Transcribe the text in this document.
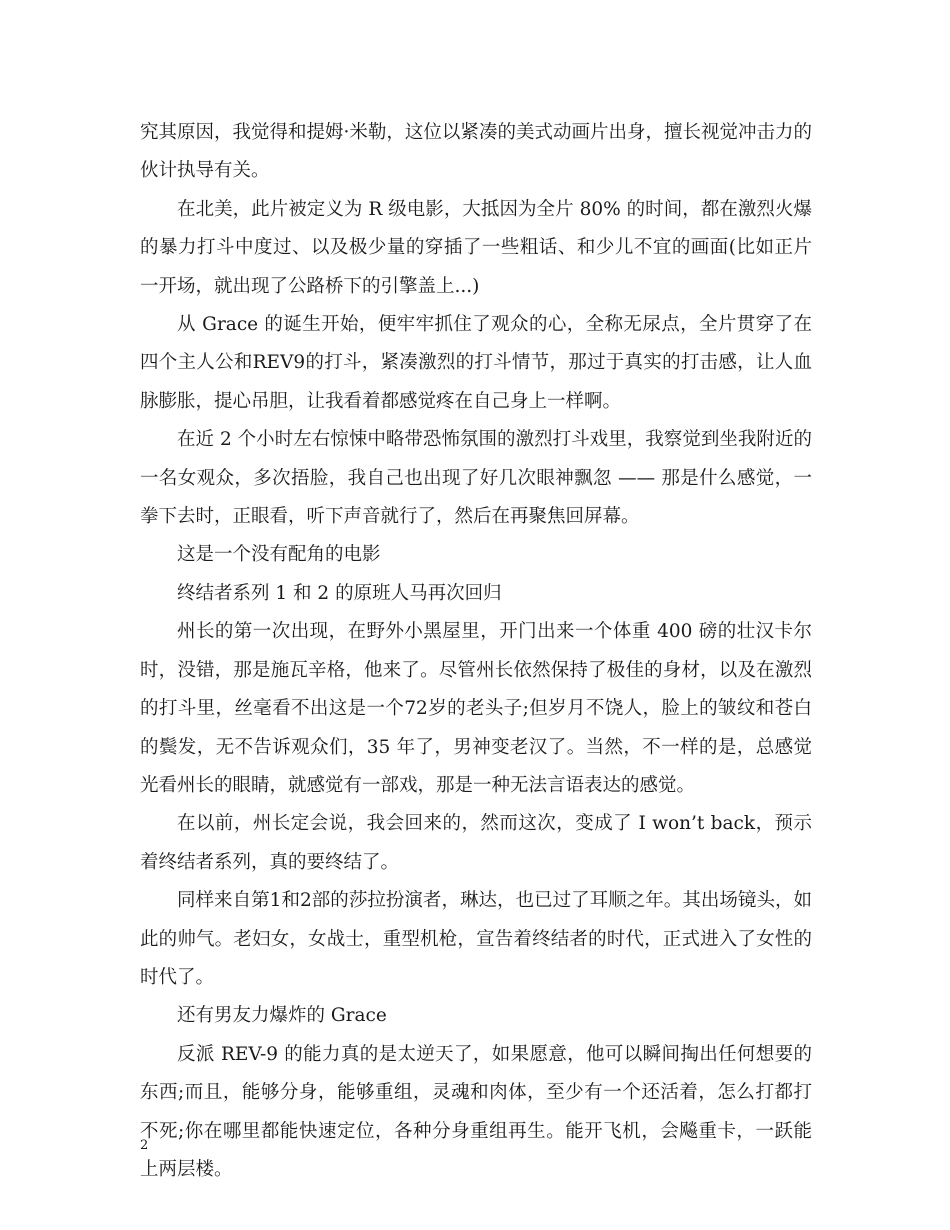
究其原因，我觉得和提姆·米勒，这位以紧凑的美式动画片出身，擅长视觉冲击力的伙计执导有关。

在北美，此片被定义为 R 级电影，大抵因为全片 80% 的时间，都在激烈火爆的暴力打斗中度过、以及极少量的穿插了一些粗话、和少儿不宜的画面(比如正片一开场，就出现了公路桥下的引擎盖上...)

从 Grace 的诞生开始，便牢牢抓住了观众的心，全称无尿点，全片贯穿了在四个主人公和REV9的打斗，紧凑激烈的打斗情节，那过于真实的打击感，让人血脉膨胀，提心吊胆，让我看着都感觉疼在自己身上一样啊。

在近 2 个小时左右惊悚中略带恐怖氛围的激烈打斗戏里，我察觉到坐我附近的一名女观众，多次捂脸，我自己也出现了好几次眼神飘忽 —— 那是什么感觉，一拳下去时，正眼看，听下声音就行了，然后在再聚焦回屏幕。

这是一个没有配角的电影

终结者系列 1 和 2 的原班人马再次回归

州长的第一次出现，在野外小黑屋里，开门出来一个体重 400 磅的壮汉卡尔时，没错，那是施瓦辛格，他来了。尽管州长依然保持了极佳的身材，以及在激烈的打斗里，丝毫看不出这是一个72岁的老头子;但岁月不饶人，脸上的皱纹和苍白的鬓发，无不告诉观众们，35 年了，男神变老汉了。当然，不一样的是，总感觉光看州长的眼睛，就感觉有一部戏，那是一种无法言语表达的感觉。

在以前，州长定会说，我会回来的，然而这次，变成了 I won’t back，预示着终结者系列，真的要终结了。

同样来自第1和2部的莎拉扮演者，琳达，也已过了耳顺之年。其出场镜头，如此的帅气。老妇女，女战士，重型机枪，宣告着终结者的时代，正式进入了女性的时代了。

还有男友力爆炸的 Grace

反派 REV-9 的能力真的是太逆天了，如果愿意，他可以瞬间掏出任何想要的东西;而且，能够分身，能够重组，灵魂和肉体，至少有一个还活着，怎么打都打不死;你在哪里都能快速定位，各种分身重组再生。能开飞机，会飚重卡，一跃能上两层楼。

2
